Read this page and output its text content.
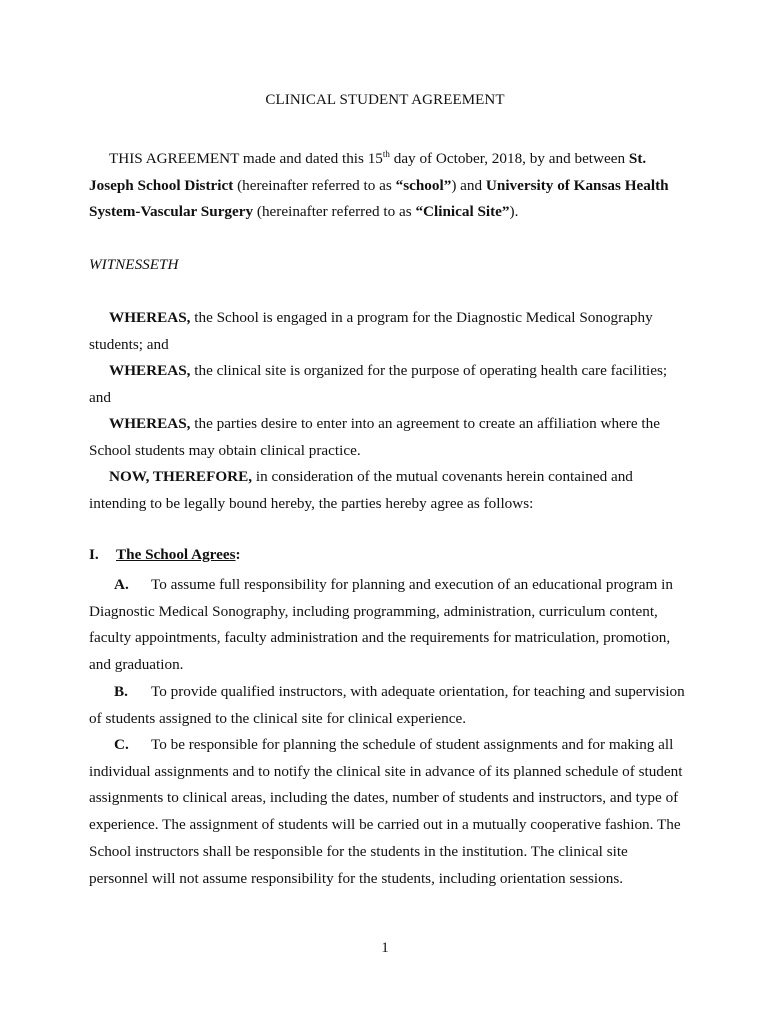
CLINICAL STUDENT AGREEMENT

THIS AGREEMENT made and dated this 15th day of October, 2018, by and between St. Joseph School District (hereinafter referred to as “school”) and University of Kansas Health System-Vascular Surgery (hereinafter referred to as “Clinical Site”).

WITNESSETH

WHEREAS, the School is engaged in a program for the Diagnostic Medical Sonography students; and

WHEREAS, the clinical site is organized for the purpose of operating health care facilities; and

WHEREAS, the parties desire to enter into an agreement to create an affiliation where the School students may obtain clinical practice.

NOW, THEREFORE, in consideration of the mutual covenants herein contained and intending to be legally bound hereby, the parties hereby agree as follows:

I. The School Agrees:

A. To assume full responsibility for planning and execution of an educational program in Diagnostic Medical Sonography, including programming, administration, curriculum content, faculty appointments, faculty administration and the requirements for matriculation, promotion, and graduation.

B. To provide qualified instructors, with adequate orientation, for teaching and supervision of students assigned to the clinical site for clinical experience.

C. To be responsible for planning the schedule of student assignments and for making all individual assignments and to notify the clinical site in advance of its planned schedule of student assignments to clinical areas, including the dates, number of students and instructors, and type of experience. The assignment of students will be carried out in a mutually cooperative fashion. The School instructors shall be responsible for the students in the institution. The clinical site personnel will not assume responsibility for the students, including orientation sessions.

1
